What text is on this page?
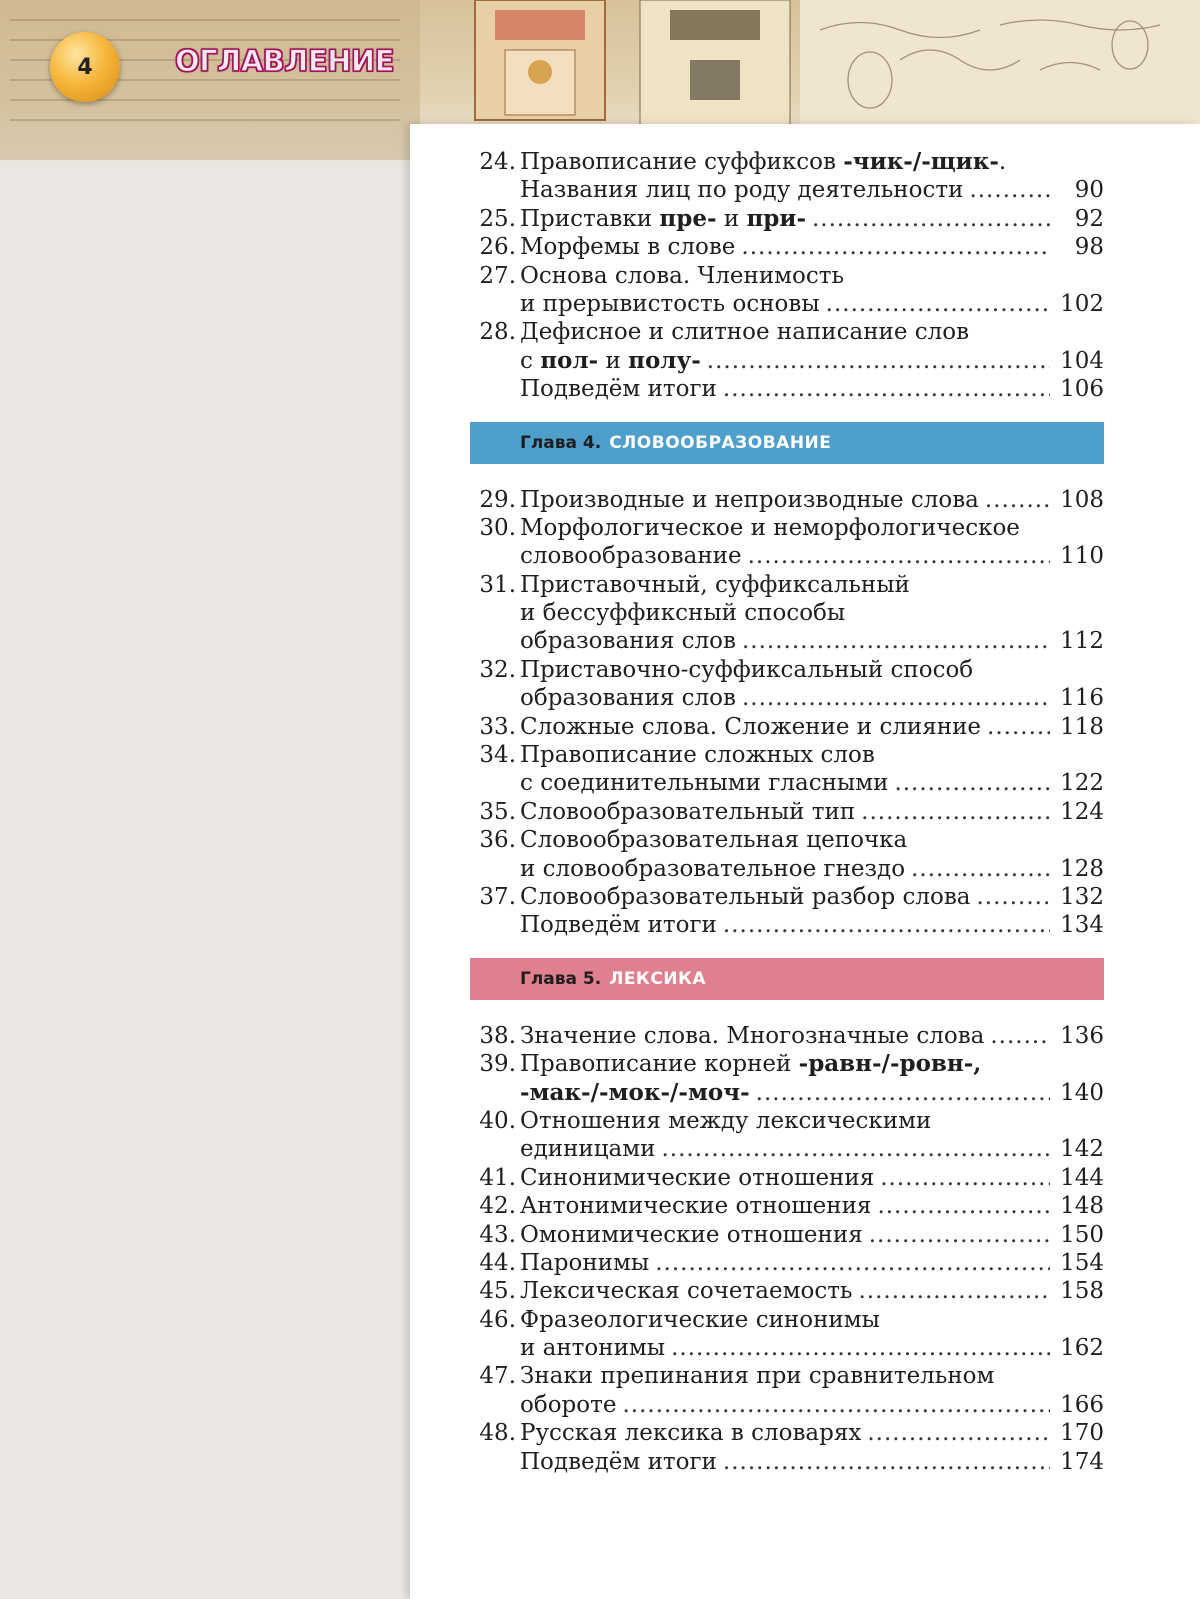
4	ОГЛАВЛЕНИЕ
24. Правописание суффиксов -чик-/-щик-.
Названия лиц по роду деятельности
.....	90
25. Приставки пре- и при-
.....	92
26. Морфемы в слове
.....	98
27. Основа слова. Членимость
и прерывистость основы
.....	102
28. Дефисное и слитное написание слов
с пол- и полу-
.....	104
Подведём итоги
.....	106
Глава 4. СЛОВООБРАЗОВАНИЕ
29. Производные и непроизводные слова
.....	108
30. Морфологическое и неморфологическое
словообразование
.....	110
31. Приставочный, суффиксальный
и бессуффиксный способы
образования слов
.....	112
32. Приставочно-суффиксальный способ
образования слов
.....	116
33. Сложные слова. Сложение и слияние
.....	118
34. Правописание сложных слов
с соединительными гласными
.....	122
35. Словообразовательный тип
.....	124
36. Словообразовательная цепочка
и словообразовательное гнездо
.....	128
37. Словообразовательный разбор слова
.....	132
Подведём итоги
.....	134
Глава 5. ЛЕКСИКА
38. Значение слова. Многозначные слова
.....	136
39. Правописание корней -равн-/-ровн-,
-мак-/-мок-/-моч-
.....	140
40. Отношения между лексическими
единицами
.....	142
41. Синонимические отношения
.....	144
42. Антонимические отношения
.....	148
43. Омонимические отношения
.....	150
44. Паронимы
.....	154
45. Лексическая сочетаемость
.....	158
46. Фразеологические синонимы
и антонимы
.....	162
47. Знаки препинания при сравнительном
обороте
.....	166
48. Русская лексика в словарях
.....	170
Подведём итоги
.....	174
